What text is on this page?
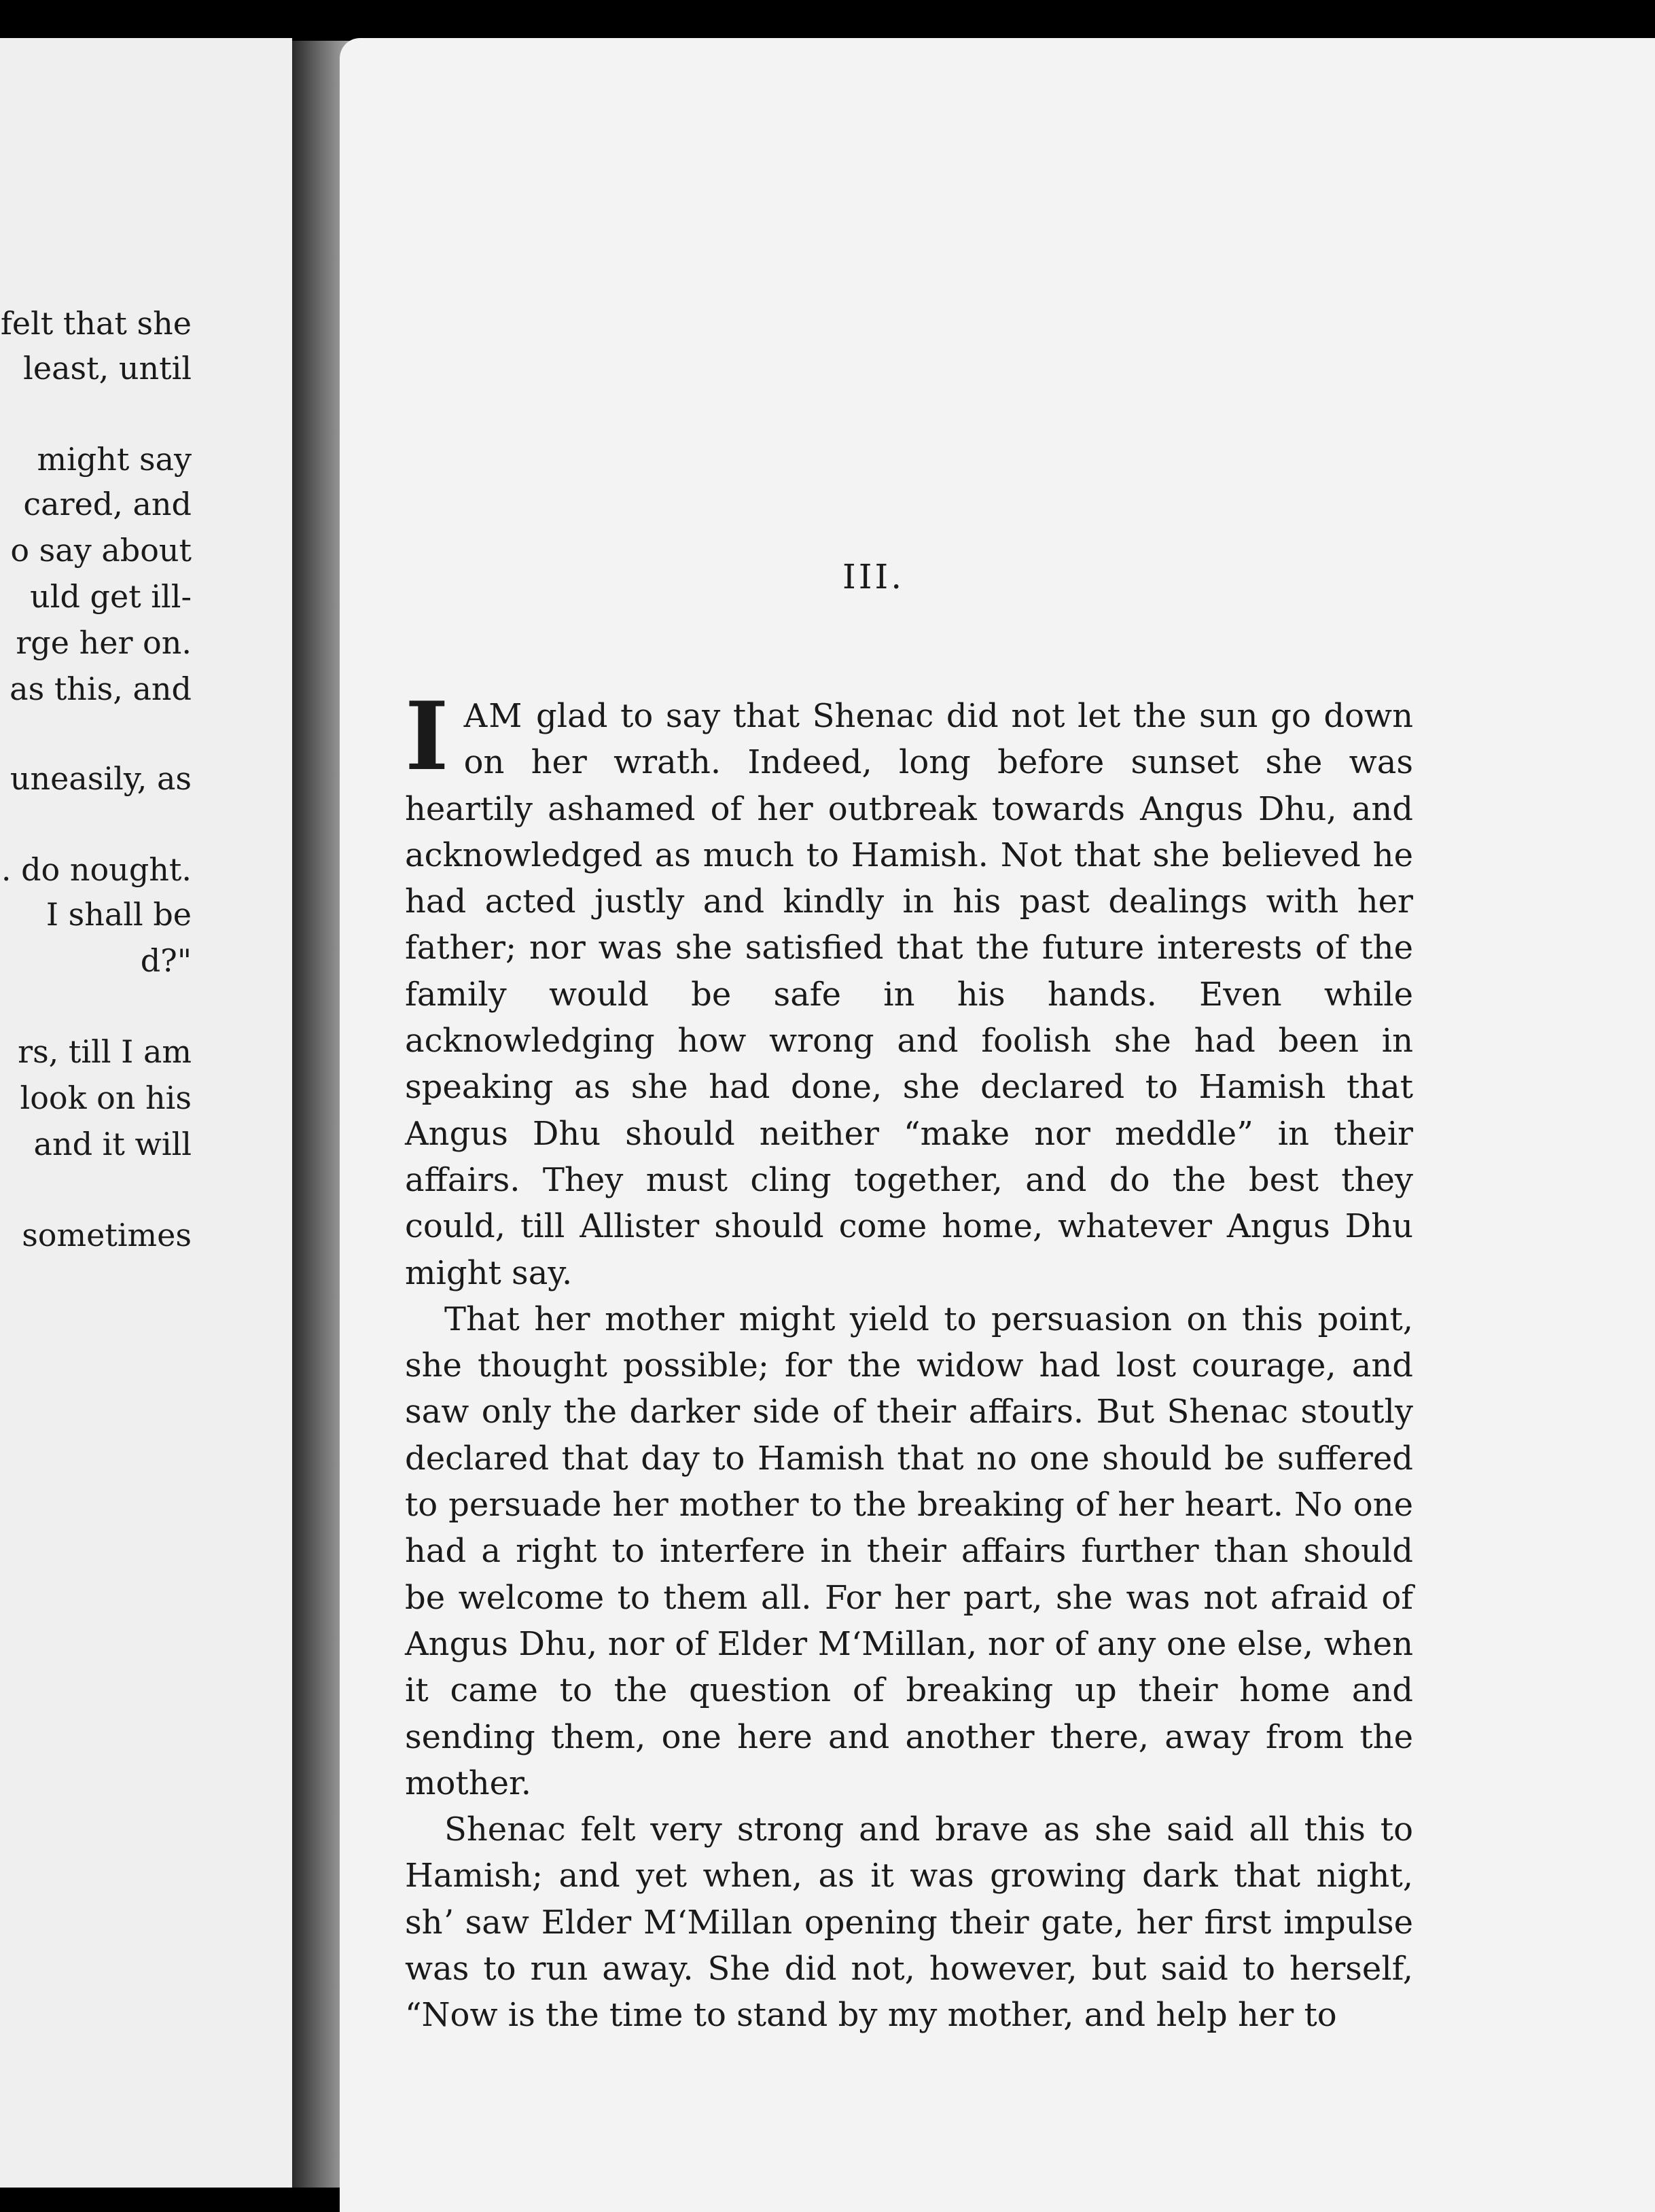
felt that she
least, until
might say
cared, and
o say about
uld get ill-
rge her on.
as this, and
uneasily, as
. do nought.
I shall be
d?"
rs, till I am
look on his
and it will
sometimes
III.

IAM glad to say that Shenac did not let the sun go down on her wrath. Indeed, long before sunset she was heartily ashamed of her outbreak towards Angus Dhu, and acknowledged as much to Hamish. Not that she believed he had acted justly and kindly in his past dealings with her father; nor was she satisfied that the future interests of the family would be safe in his hands. Even while acknowledging how wrong and foolish she had been in speaking as she had done, she declared to Hamish that Angus Dhu should neither “make nor meddle” in their affairs. They must cling together, and do the best they could, till Allister should come home, whatever Angus Dhu might say.

That her mother might yield to persuasion on this point, she thought possible; for the widow had lost courage, and saw only the darker side of their affairs. But Shenac stoutly declared that day to Hamish that no one should be suffered to persuade her mother to the breaking of her heart. No one had a right to interfere in their affairs further than should be welcome to them all. For her part, she was not afraid of Angus Dhu, nor of Elder M‘Millan, nor of any one else, when it came to the question of breaking up their home and sending them, one here and another there, away from the mother.

Shenac felt very strong and brave as she said all this to Hamish; and yet when, as it was growing dark that night, shʼ saw Elder M‘Millan opening their gate, her first impulse was to run away. She did not, however, but said to herself, “Now is the time to stand by my mother, and help her to
